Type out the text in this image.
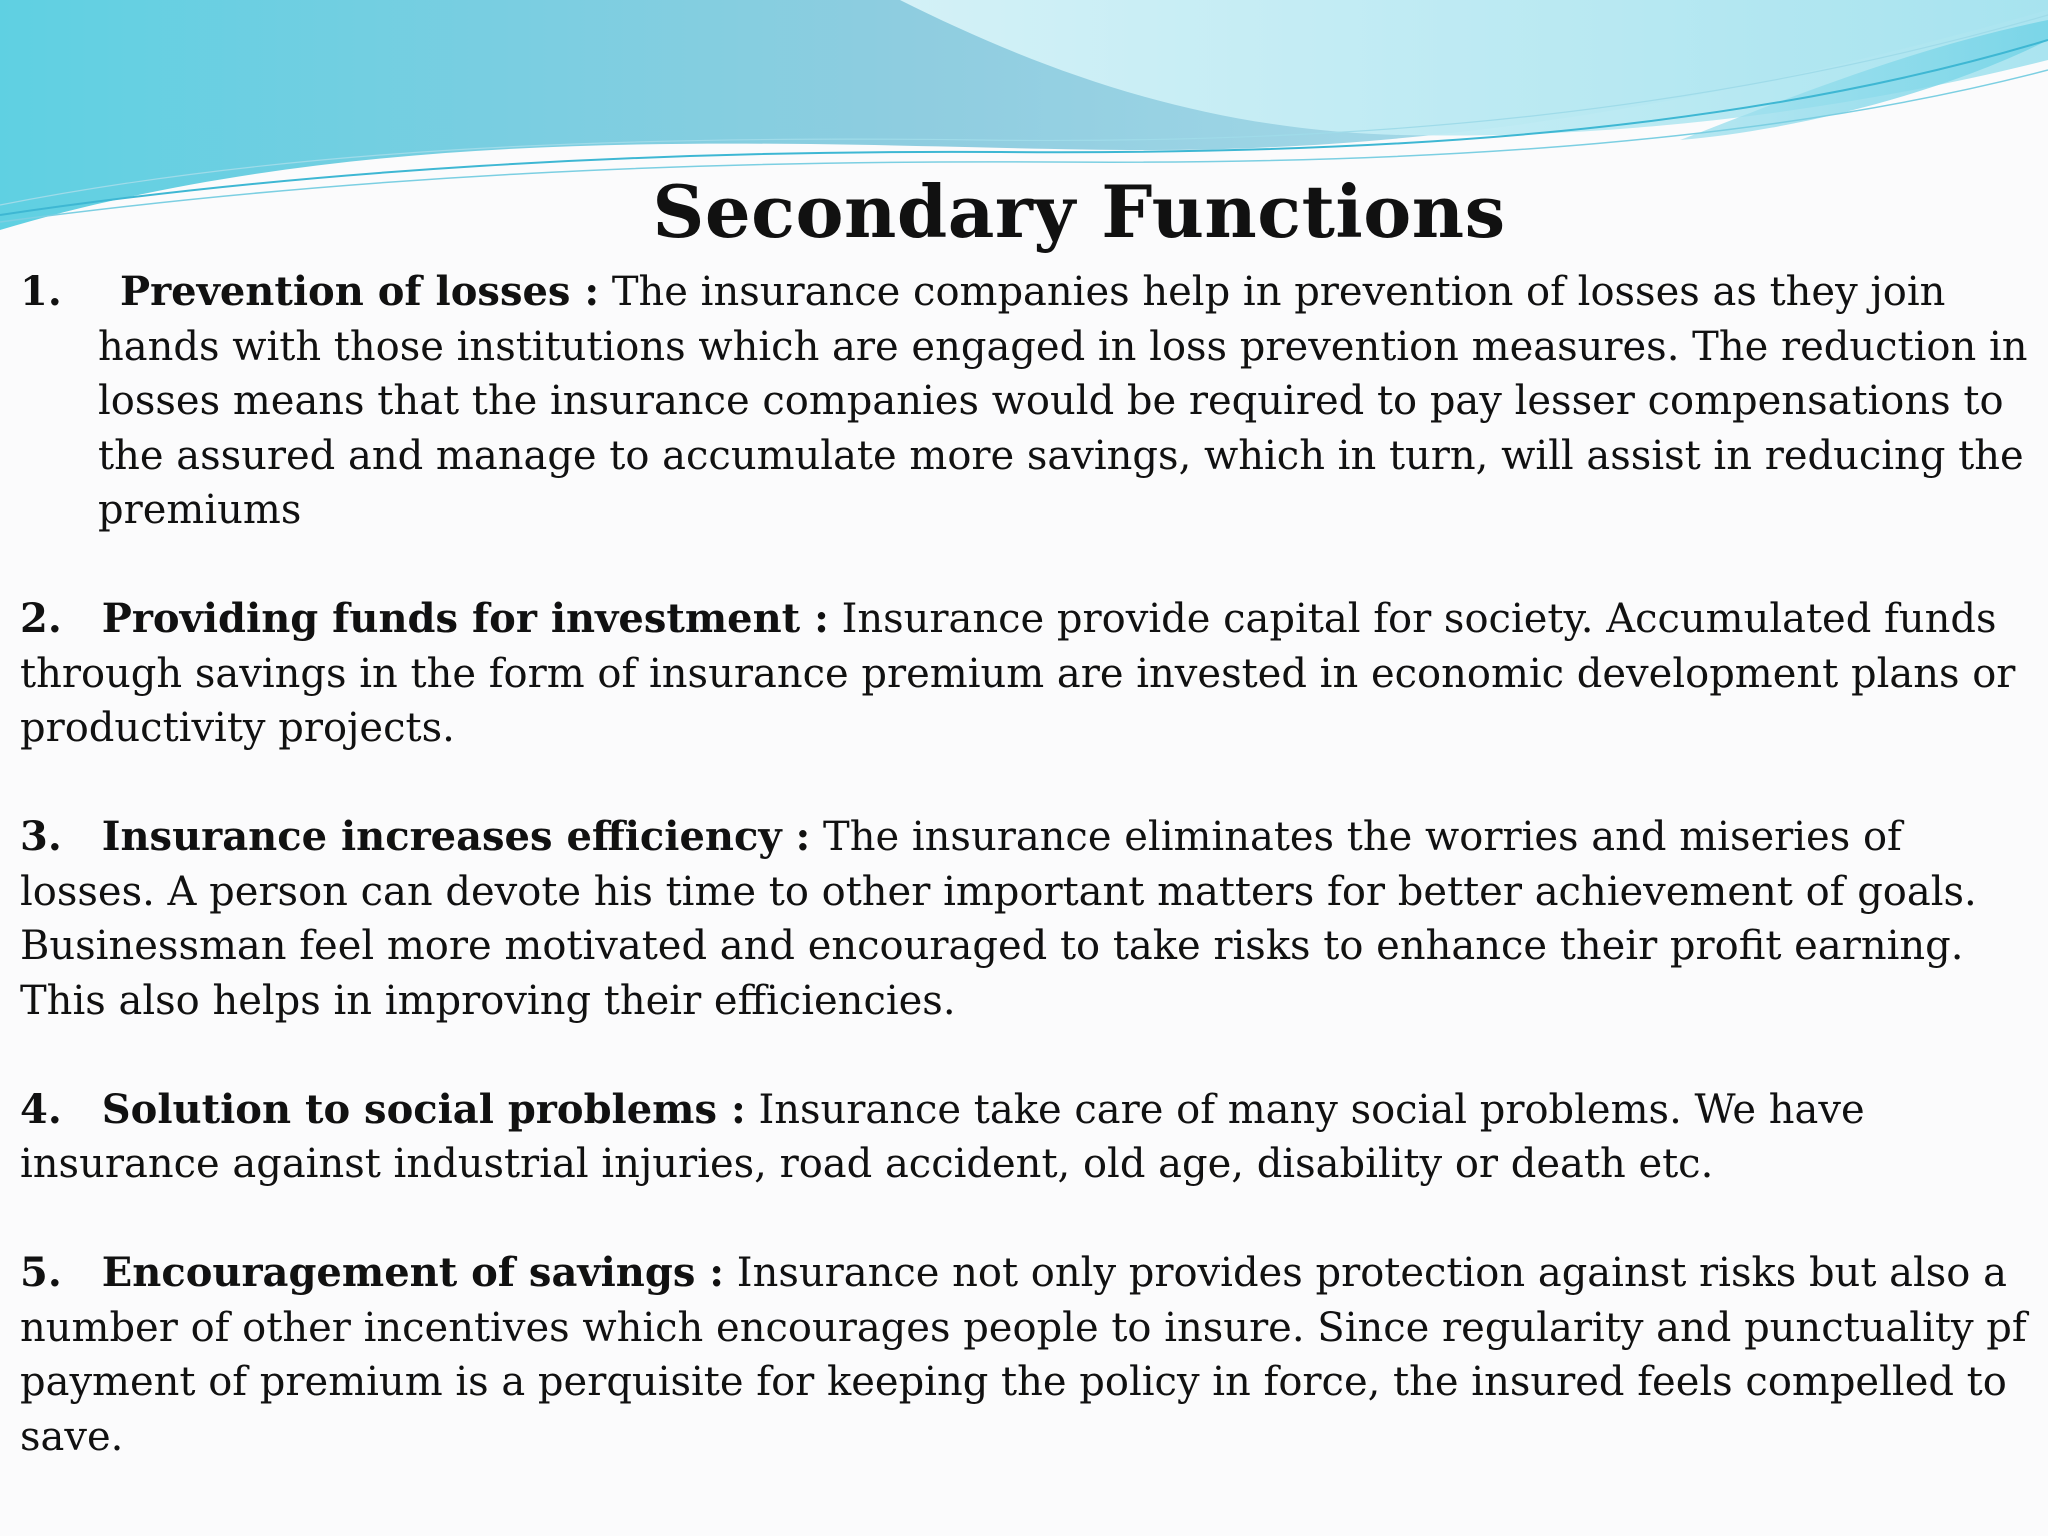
Secondary Functions

1. Prevention of losses : The insurance companies help in prevention of losses as they join hands with those institutions which are engaged in loss prevention measures. The reduction in losses means that the insurance companies would be required to pay lesser compensations to the assured and manage to accumulate more savings, which in turn, will assist in reducing the premiums

2. Providing funds for investment : Insurance provide capital for society. Accumulated funds through savings in the form of insurance premium are invested in economic development plans or productivity projects.

3. Insurance increases efficiency : The insurance eliminates the worries and miseries of losses. A person can devote his time to other important matters for better achievement of goals. Businessman feel more motivated and encouraged to take risks to enhance their profit earning. This also helps in improving their efficiencies.

4. Solution to social problems : Insurance take care of many social problems. We have insurance against industrial injuries, road accident, old age, disability or death etc.

5. Encouragement of savings : Insurance not only provides protection against risks but also a number of other incentives which encourages people to insure. Since regularity and punctuality pf payment of premium is a perquisite for keeping the policy in force, the insured feels compelled to save.
